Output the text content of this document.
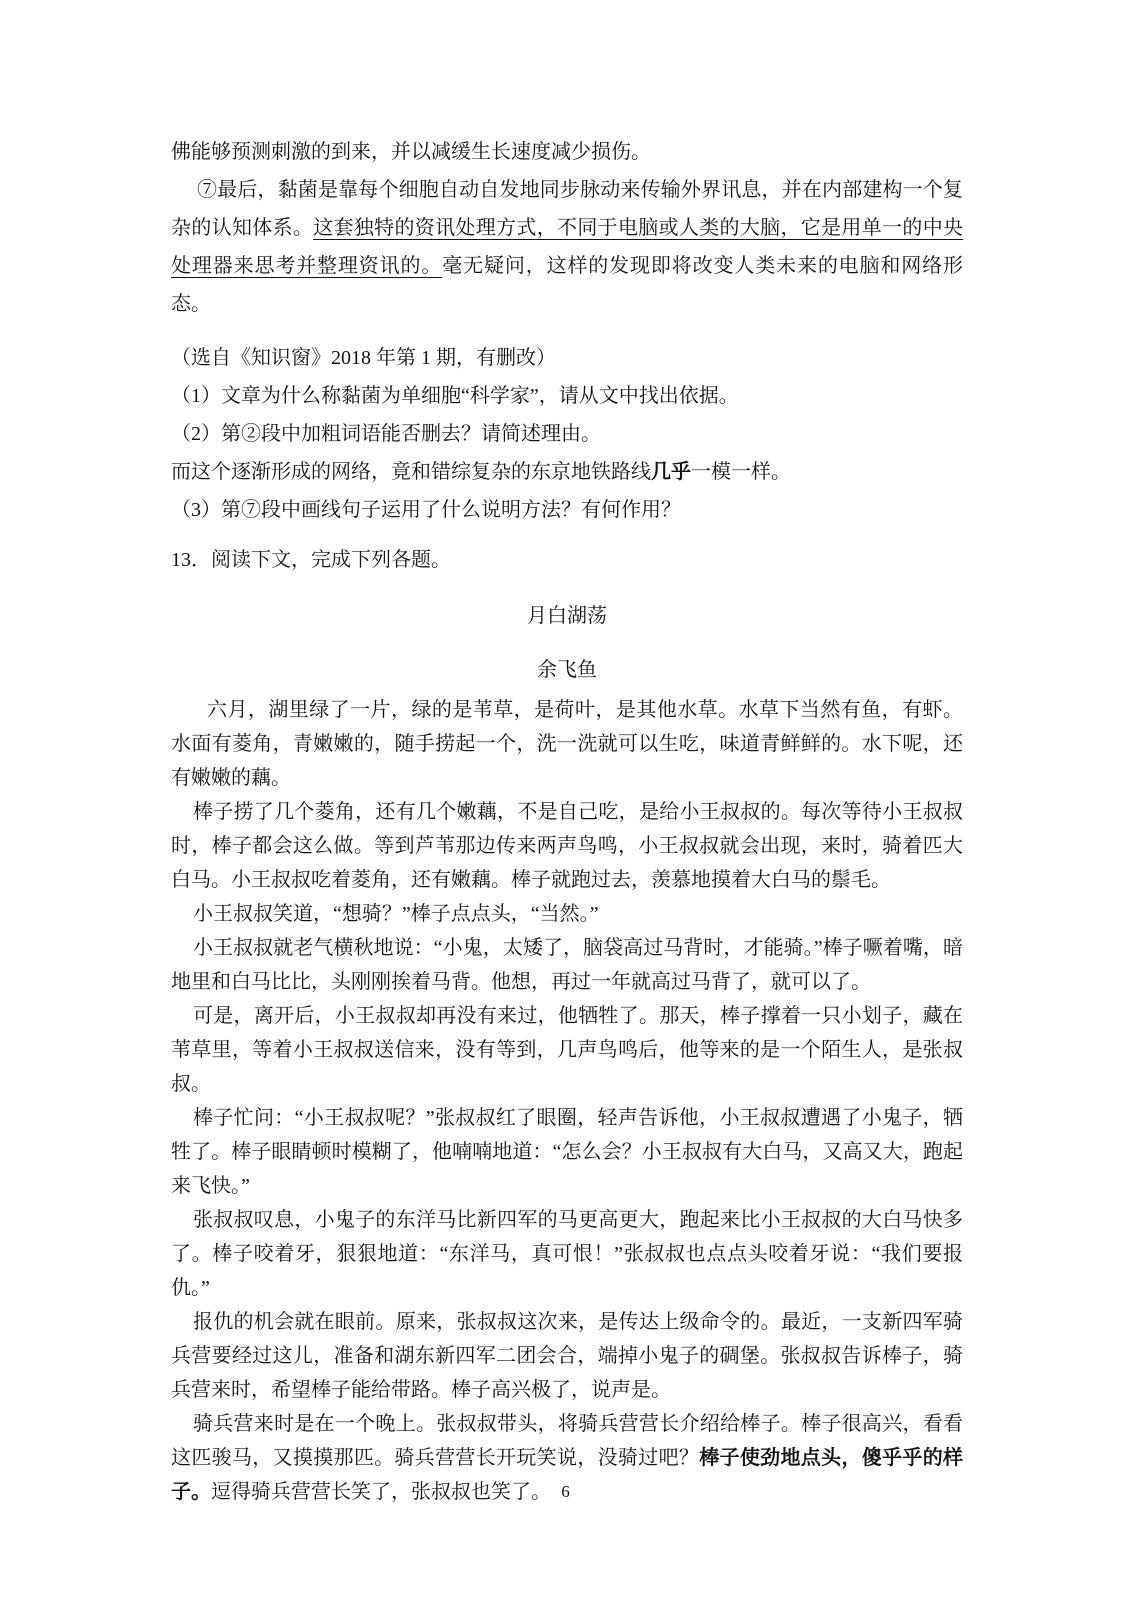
佛能够预测刺激的到来，并以减缓生长速度减少损伤。

⑦最后，黏菌是靠每个细胞自动自发地同步脉动来传输外界讯息，并在内部建构一个复杂的认知体系。这套独特的资讯处理方式，不同于电脑或人类的大脑，它是用单一的中央处理器来思考并整理资讯的。毫无疑问，这样的发现即将改变人类未来的电脑和网络形态。

（选自《知识窗》2018 年第 1 期，有删改）

（1）文章为什么称黏菌为单细胞“科学家”，请从文中找出依据。

（2）第②段中加粗词语能否删去？请简述理由。

而这个逐渐形成的网络，竟和错综复杂的东京地铁路线几乎一模一样。

（3）第⑦段中画线句子运用了什么说明方法？有何作用？

13．阅读下文，完成下列各题。

月白湖荡

余飞鱼

六月，湖里绿了一片，绿的是苇草，是荷叶，是其他水草。水草下当然有鱼，有虾。水面有菱角，青嫩嫩的，随手捞起一个，洗一洗就可以生吃，味道青鲜鲜的。水下呢，还有嫩嫩的藕。

棒子捞了几个菱角，还有几个嫩藕，不是自己吃，是给小王叔叔的。每次等待小王叔叔时，棒子都会这么做。等到芦苇那边传来两声鸟鸣，小王叔叔就会出现，来时，骑着匹大白马。小王叔叔吃着菱角，还有嫩藕。棒子就跑过去，羡慕地摸着大白马的鬃毛。

小王叔叔笑道，“想骑？”棒子点点头，“当然。”

小王叔叔就老气横秋地说：“小鬼，太矮了，脑袋高过马背时，才能骑。”棒子噘着嘴，暗地里和白马比比，头刚刚挨着马背。他想，再过一年就高过马背了，就可以了。

可是，离开后，小王叔叔却再没有来过，他牺牲了。那天，棒子撑着一只小划子，藏在苇草里，等着小王叔叔送信来，没有等到，几声鸟鸣后，他等来的是一个陌生人，是张叔叔。

棒子忙问：“小王叔叔呢？”张叔叔红了眼圈，轻声告诉他，小王叔叔遭遇了小鬼子，牺牲了。棒子眼睛顿时模糊了，他喃喃地道：“怎么会？小王叔叔有大白马，又高又大，跑起来飞快。”

张叔叔叹息，小鬼子的东洋马比新四军的马更高更大，跑起来比小王叔叔的大白马快多了。棒子咬着牙，狠狠地道：“东洋马，真可恨！”张叔叔也点点头咬着牙说：“我们要报仇。”

报仇的机会就在眼前。原来，张叔叔这次来，是传达上级命令的。最近，一支新四军骑兵营要经过这儿，准备和湖东新四军二团会合，端掉小鬼子的碉堡。张叔叔告诉棒子，骑兵营来时，希望棒子能给带路。棒子高兴极了，说声是。

骑兵营来时是在一个晚上。张叔叔带头，将骑兵营营长介绍给棒子。棒子很高兴，看看这匹骏马，又摸摸那匹。骑兵营营长开玩笑说，没骑过吧？棒子使劲地点头，傻乎乎的样子。逗得骑兵营营长笑了，张叔叔也笑了。 6
